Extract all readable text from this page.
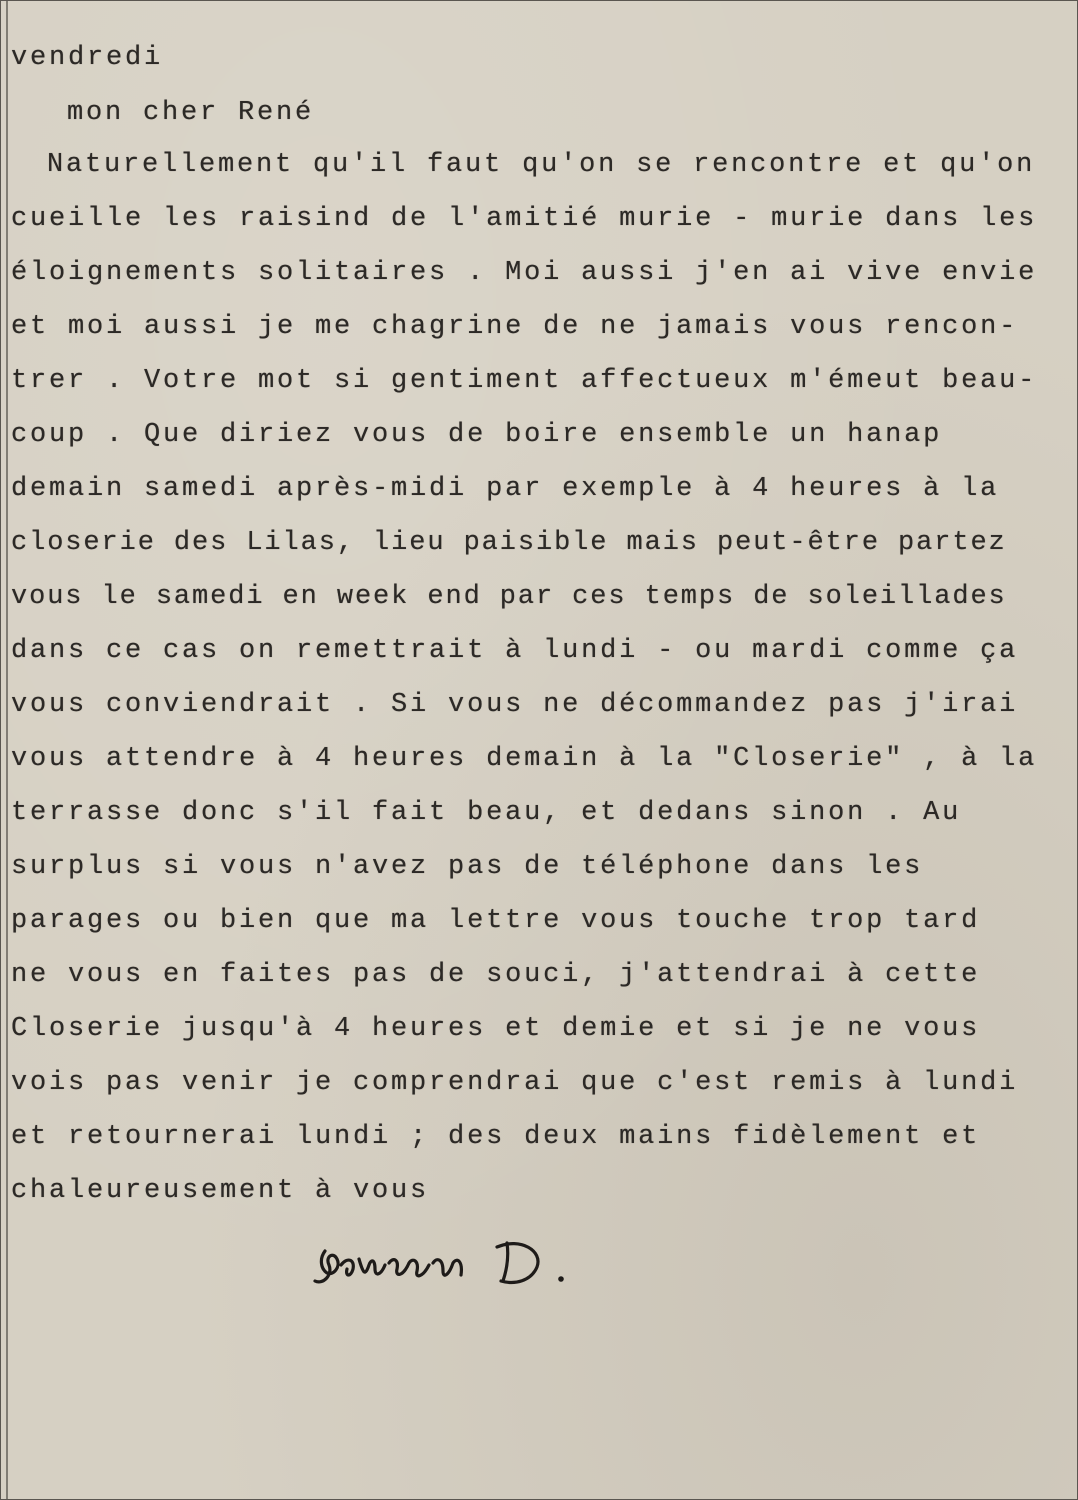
vendredi
mon cher René
Naturellement qu'il faut qu'on se rencontre et qu'on
cueille les raisind de l'amitié murie - murie dans les
éloignements solitaires . Moi aussi j'en ai vive envie
et moi aussi je me chagrine de ne jamais vous rencon-
trer . Votre mot si gentiment affectueux m'émeut beau-
coup . Que diriez vous de boire ensemble un hanap
demain samedi après-midi par exemple à 4 heures à la
closerie des Lilas, lieu paisible mais peut-être partez
vous le samedi en week end par ces temps de soleillades
dans ce cas on remettrait à lundi - ou mardi comme ça
vous conviendrait . Si vous ne décommandez pas j'irai
vous attendre à 4 heures demain à la "Closerie" , à la
terrasse donc s'il fait beau, et dedans sinon . Au
surplus si vous n'avez pas de téléphone dans les
parages ou bien que ma lettre vous touche trop tard
ne vous en faites pas de souci, j'attendrai à cette
Closerie jusqu'à 4 heures et demie et si je ne vous
vois pas venir je comprendrai que c'est remis à lundi
et retournerai lundi ; des deux mains fidèlement et
chaleureusement à vous
